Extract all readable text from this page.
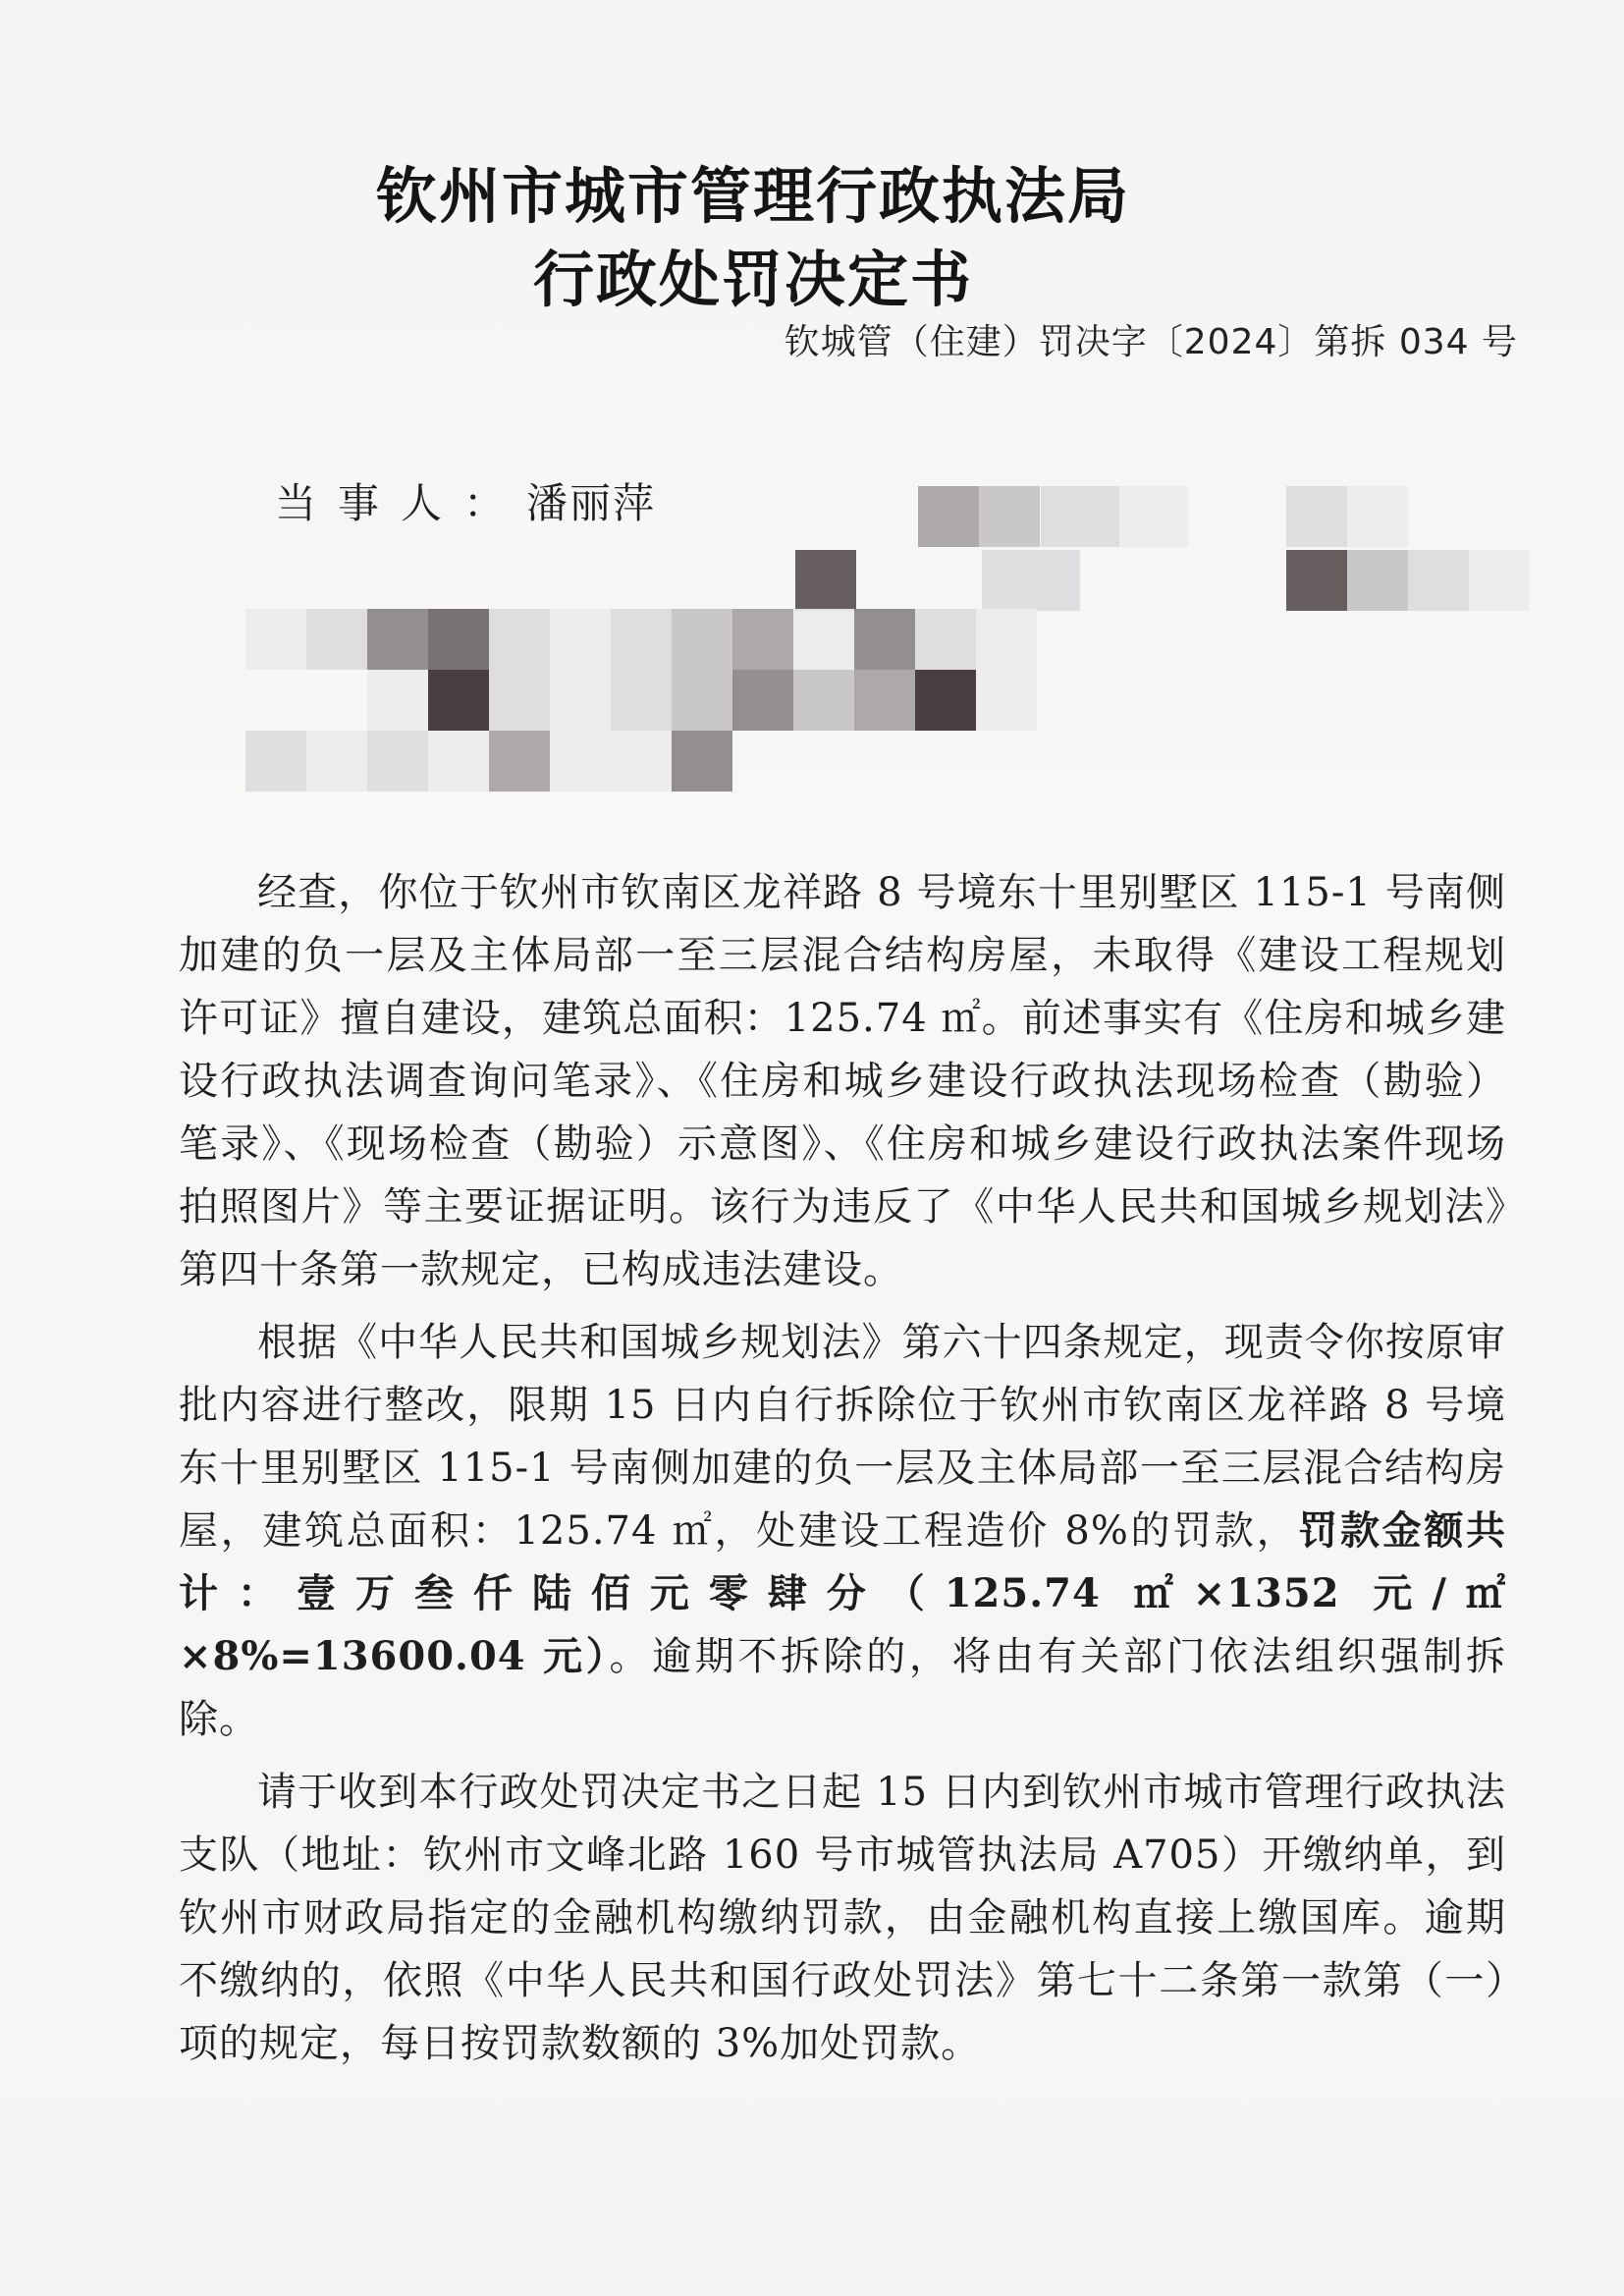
钦州市城市管理行政执法局
行政处罚决定书
钦城管（住建）罚决字〔2024〕第拆 034 号
当事人：潘丽萍

经查，你位于钦州市钦南区龙祥路 8 号境东十里别墅区 115-1 号南侧加建的负一层及主体局部一至三层混合结构房屋，未取得《建设工程规划许可证》擅自建设，建筑总面积：125.74 ㎡。前述事实有《住房和城乡建设行政执法调查询问笔录》、《住房和城乡建设行政执法现场检查（勘验）笔录》、《现场检查（勘验）示意图》、《住房和城乡建设行政执法案件现场拍照图片》等主要证据证明。该行为违反了《中华人民共和国城乡规划法》第四十条第一款规定，已构成违法建设。

根据《中华人民共和国城乡规划法》第六十四条规定，现责令你按原审批内容进行整改，限期 15 日内自行拆除位于钦州市钦南区龙祥路 8 号境东十里别墅区 115-1 号南侧加建的负一层及主体局部一至三层混合结构房屋，建筑总面积：125.74 ㎡，处建设工程造价 8%的罚款，罚款金额共计：壹万叁仟陆佰元零肆分（125.74 ㎡×1352 元/㎡×8%=13600.04 元）。逾期不拆除的，将由有关部门依法组织强制拆除。

请于收到本行政处罚决定书之日起 15 日内到钦州市城市管理行政执法支队（地址：钦州市文峰北路 160 号市城管执法局 A705）开缴纳单，到钦州市财政局指定的金融机构缴纳罚款，由金融机构直接上缴国库。逾期不缴纳的，依照《中华人民共和国行政处罚法》第七十二条第一款第（一）项的规定，每日按罚款数额的 3%加处罚款。
